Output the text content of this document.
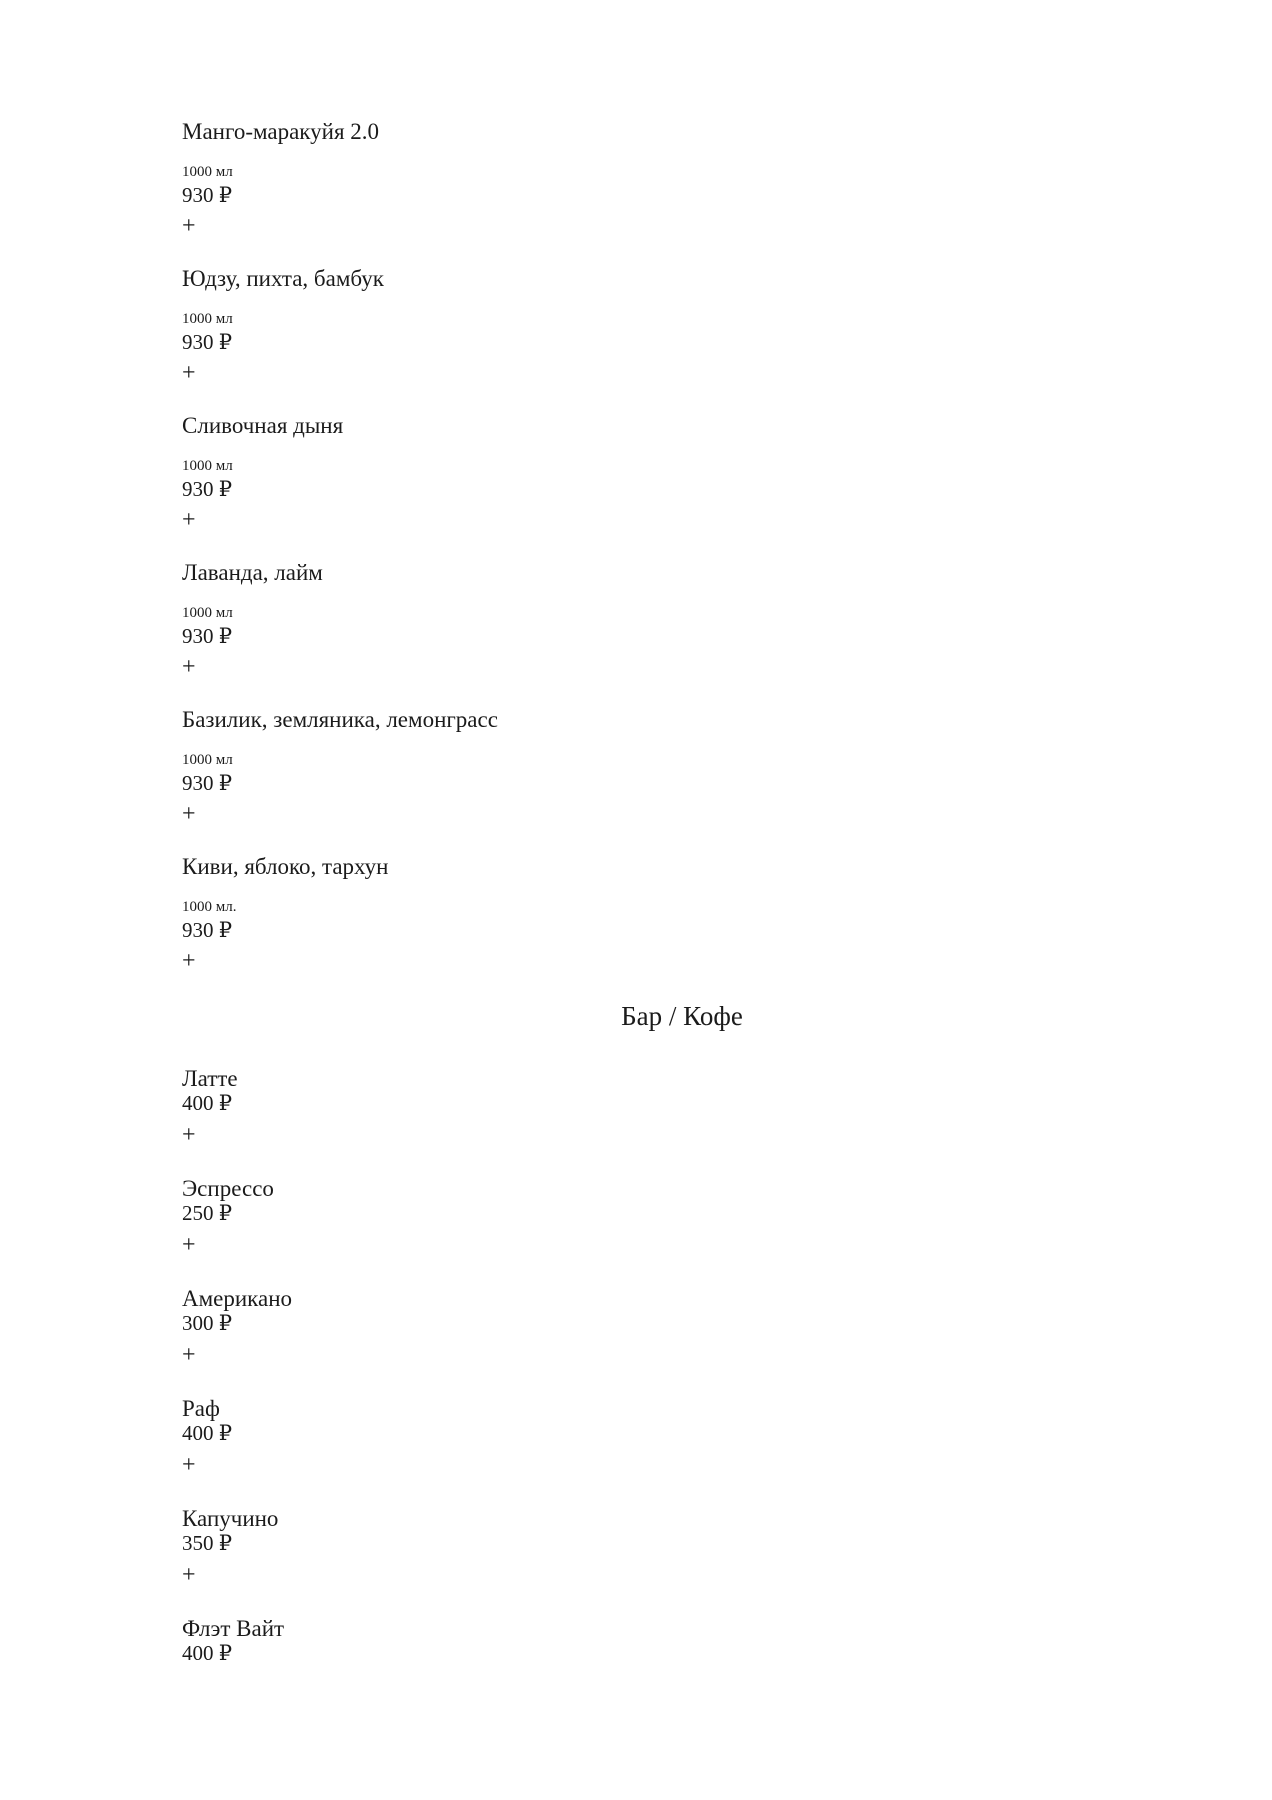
Манго-маракуйя 2.0
1000 мл
930 ₽
+
Юдзу, пихта, бамбук
1000 мл
930 ₽
+
Сливочная дыня
1000 мл
930 ₽
+
Лаванда, лайм
1000 мл
930 ₽
+
Базилик, земляника, лемонграсс
1000 мл
930 ₽
+
Киви, яблоко, тархун
1000 мл.
930 ₽
+
Бар / Кофе
Латте
400 ₽
+
Эспрессо
250 ₽
+
Американо
300 ₽
+
Раф
400 ₽
+
Капучино
350 ₽
+
Флэт Вайт
400 ₽
